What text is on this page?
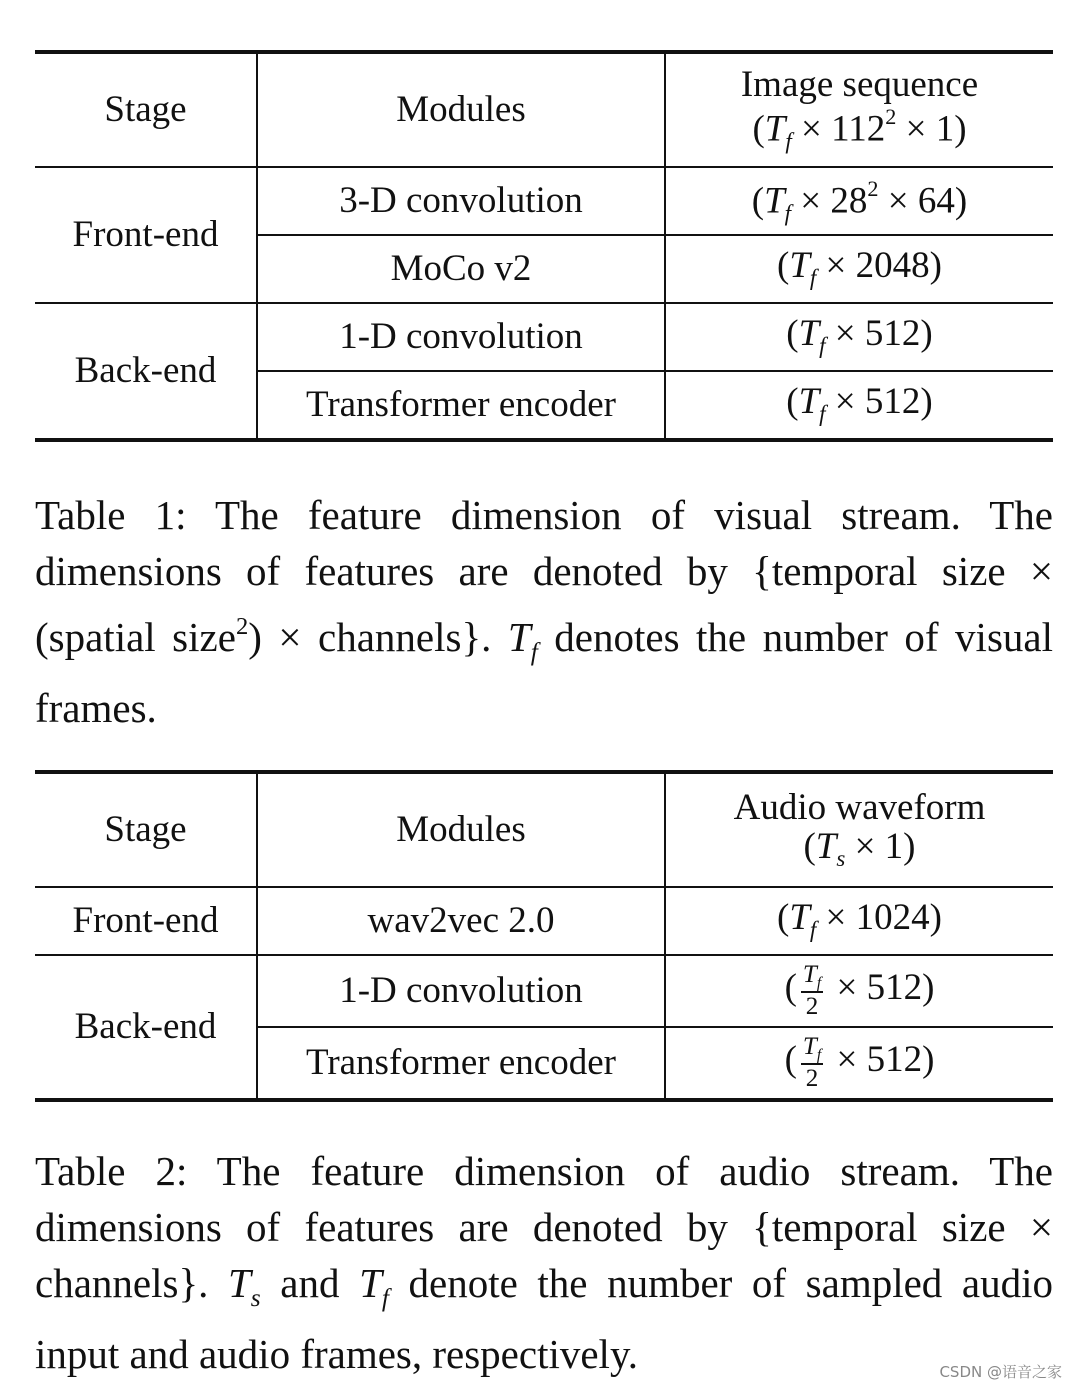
Stage	Modules	Image sequence
$(T_f \times 112^2 \times 1)$

Front-end	3-D convolution	$(T_f \times 28^2 \times 64)$
	MoCo v2	$(T_f \times 2048)$
Back-end	1-D convolution	$(T_f \times 512)$
	Transformer encoder	$(T_f \times 512)$

Table 1: The feature dimension of visual stream. The dimensions of features are denoted by {temporal size × (spatial size$^2$) × channels}. $T_f$ denotes the number of visual frames.

Stage	Modules	Audio waveform
$(T_s \times 1)$

Front-end	wav2vec 2.0	$(T_f \times 1024)$
Back-end	1-D convolution	( $\frac{T_f}{2} \times 512$)
	Transformer encoder	( $\frac{T_f}{2} \times 512$)

Table 2: The feature dimension of audio stream. The dimensions of features are denoted by {temporal size × channels}. $T_s$ and $T_f$ denote the number of sampled audio input and audio frames, respectively.	CSDN @语音之家
